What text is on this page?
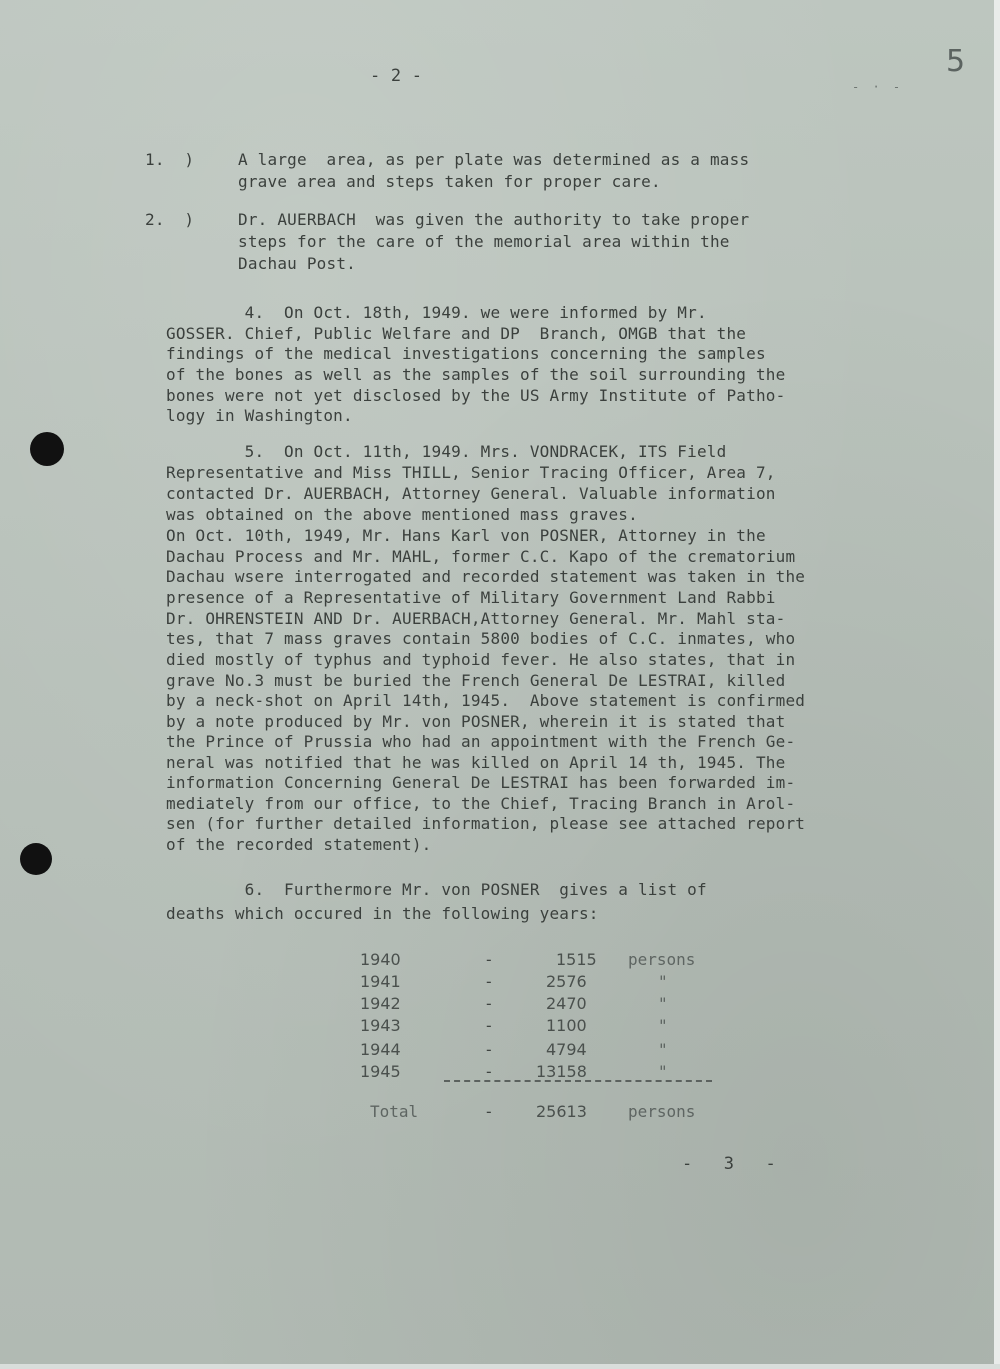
- 2 -	5
- · -
1.  )	A large  area, as per plate was determined as a mass
grave area and steps taken for proper care.
2.  )	Dr. AUERBACH  was given the authority to take proper
steps for the care of the memorial area within the
Dachau Post.
4.  On Oct. 18th, 1949. we were informed by Mr.
GOSSER. Chief, Public Welfare and DP  Branch, OMGB that the
findings of the medical investigations concerning the samples
of the bones as well as the samples of the soil surrounding the
bones were not yet disclosed by the US Army Institute of Patho-
logy in Washington.
5.  On Oct. 11th, 1949. Mrs. VONDRACEK, ITS Field
Representative and Miss THILL, Senior Tracing Officer, Area 7,
contacted Dr. AUERBACH, Attorney General. Valuable information
was obtained on the above mentioned mass graves.
On Oct. 10th, 1949, Mr. Hans Karl von POSNER, Attorney in the
Dachau Process and Mr. MAHL, former C.C. Kapo of the crematorium
Dachau wsere interrogated and recorded statement was taken in the
presence of a Representative of Military Government Land Rabbi
Dr. OHRENSTEIN AND Dr. AUERBACH,Attorney General. Mr. Mahl sta-
tes, that 7 mass graves contain 5800 bodies of C.C. inmates, who
died mostly of typhus and typhoid fever. He also states, that in
grave No.3 must be buried the French General De LESTRAI, killed
by a neck-shot on April 14th, 1945.  Above statement is confirmed
by a note produced by Mr. von POSNER, wherein it is stated that
the Prince of Prussia who had an appointment with the French Ge-
neral was notified that he was killed on April 14 th, 1945. The
information Concerning General De LESTRAI has been forwarded im-
mediately from our office, to the Chief, Tracing Branch in Arol-
sen (for further detailed information, please see attached report
of the recorded statement).
6.  Furthermore Mr. von POSNER  gives a list of
deaths which occured in the following years:
1940	-	1515 persons
1941	-	2576	"
1942	-	2470	"
1943	-	1100	"
1944	-	4794	"
1945	-	13158	"
Total	-	25613	persons
-   3   -
